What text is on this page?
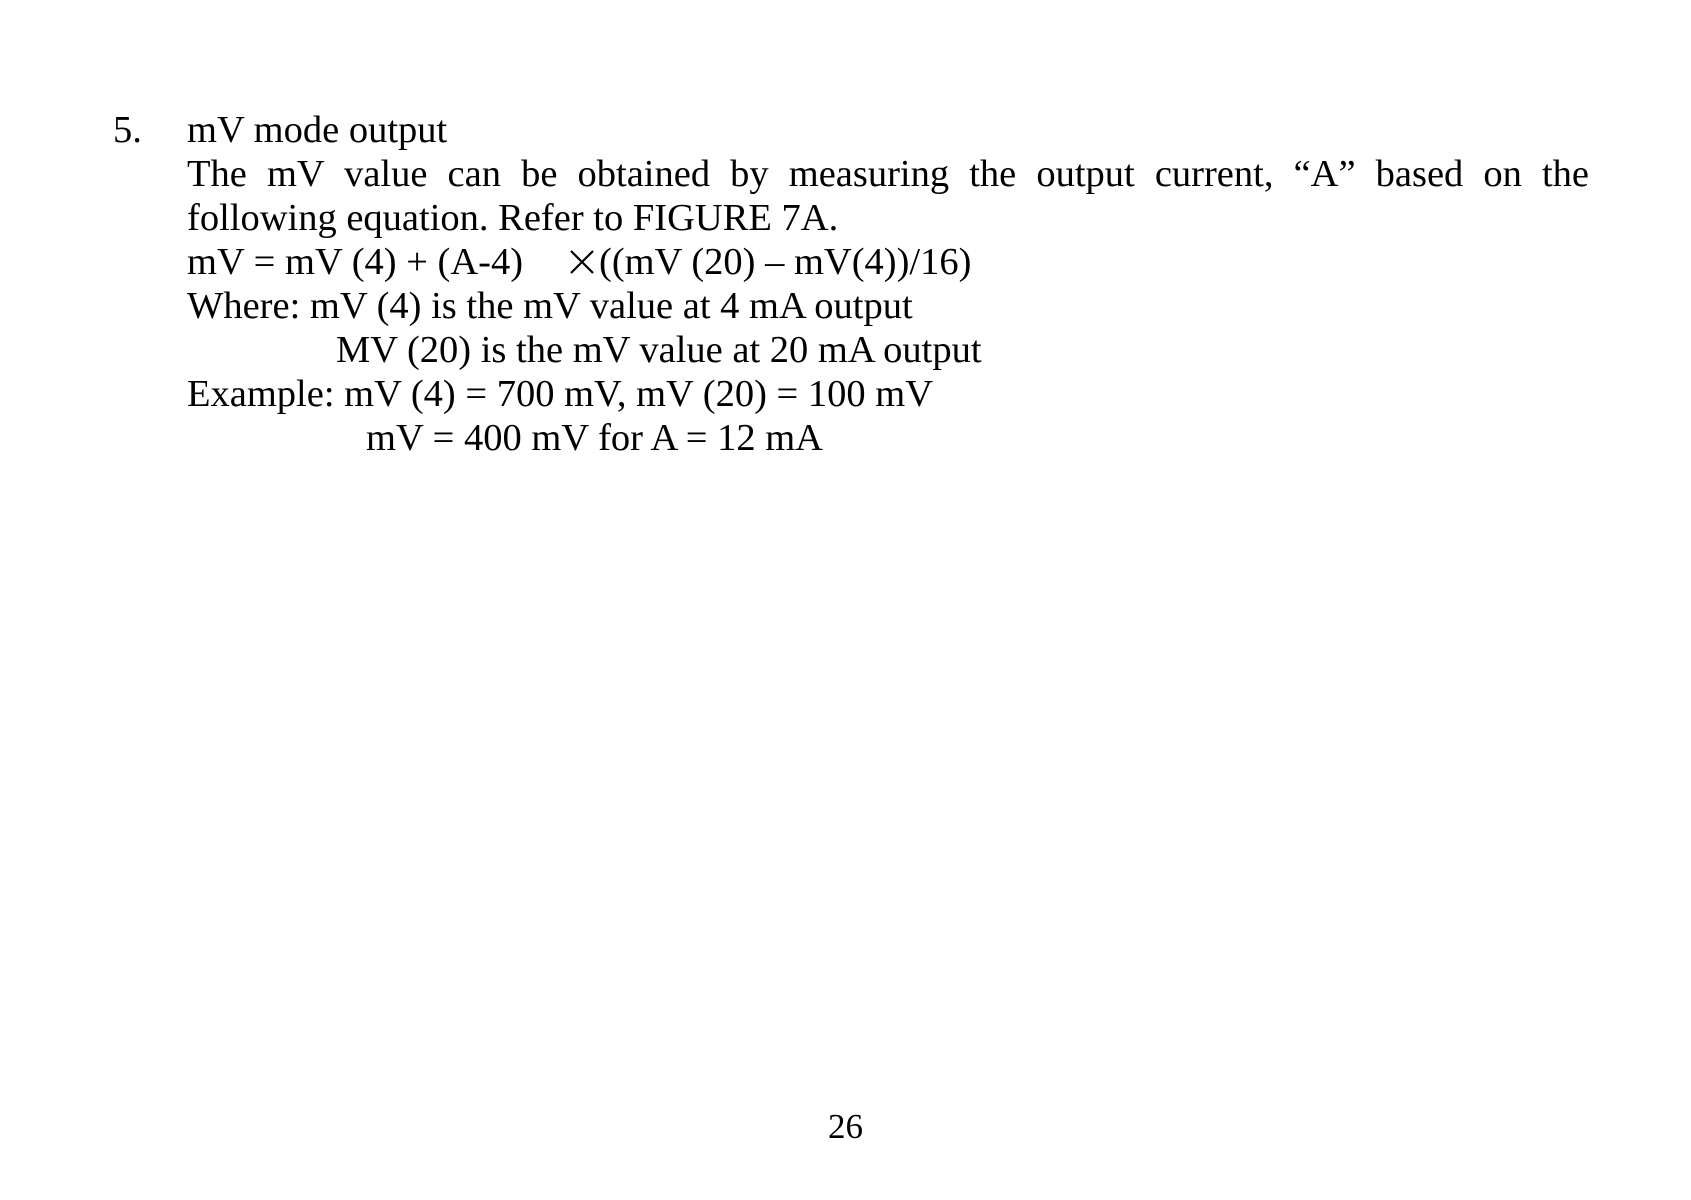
5. mV mode output
The mV value can be obtained by measuring the output current, “A” based on the
following equation. Refer to FIGURE 7A.
mV = mV (4) + (A-4) ((mV (20) – mV(4))/16)
Where: mV (4) is the mV value at 4 mA output
MV (20) is the mV value at 20 mA output
Example: mV (4) = 700 mV, mV (20) = 100 mV
mV = 400 mV for A = 12 mA
26
